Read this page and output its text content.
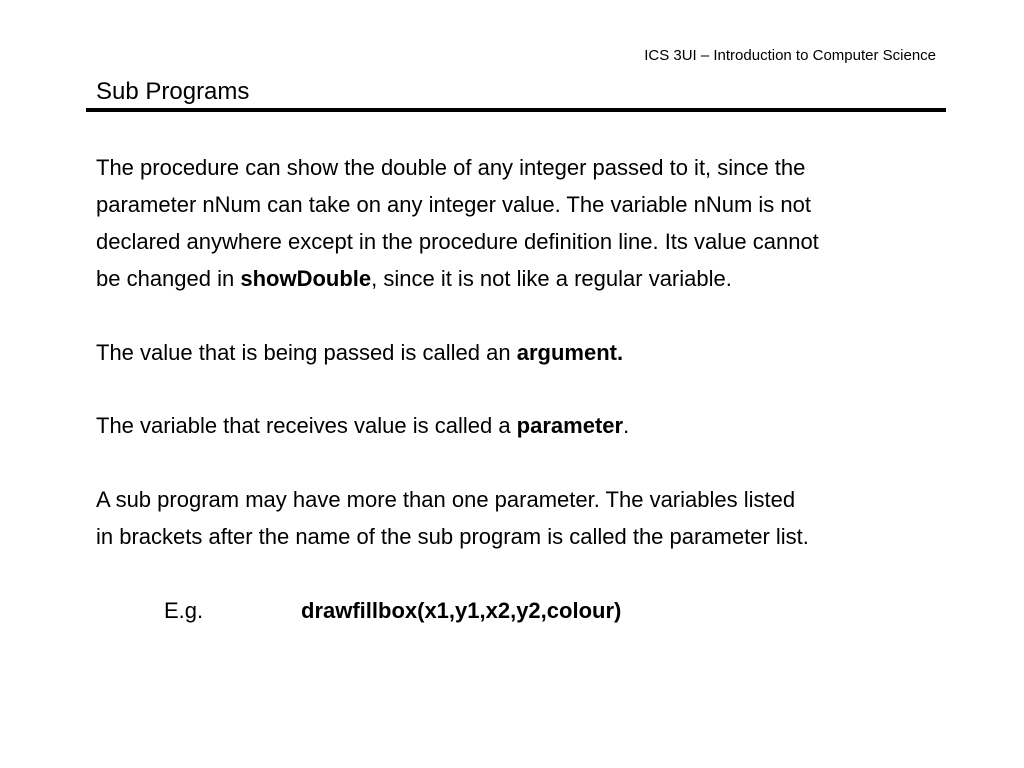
ICS 3UI – Introduction to Computer Science
Sub Programs
The procedure can show the double of any integer passed to it, since the
parameter nNum can take on any integer value. The variable nNum is not
declared anywhere except in the procedure definition line. Its value cannot
be changed in showDouble, since it is not like a regular variable.
The value that is being passed is called an argument.
The variable that receives value is called a parameter.
A sub program may have more than one parameter. The variables listed
in brackets after the name of the sub program is called the parameter list.
E.g.	drawfillbox(x1,y1,x2,y2,colour)
